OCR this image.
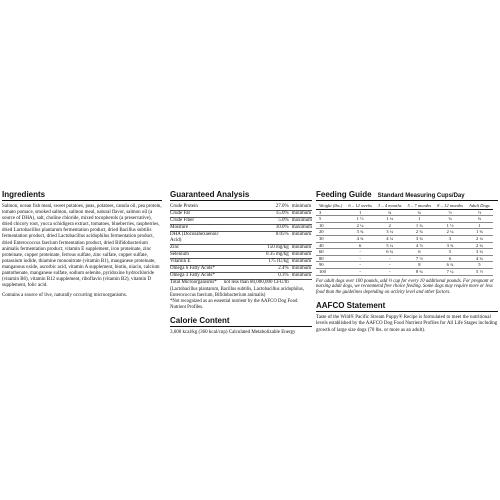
Ingredients

Salmon, ocean fish meal, sweet potatoes, peas, potatoes, canola oil, pea protein, tomato pomace, smoked salmon, salmon meal, natural flavor, salmon oil (a source of DHA), salt, choline chloride, mixed tocopherols (a preservative), dried chicory root, yucca schidigera extract, tomatoes, blueberries, raspberries, dried Lactobacillus plantarum fermentation product, dried Bacillus subtilis fermentation product, dried Lactobacillus acidophilus fermentation product, dried Enterococcus faecium fermentation product, dried Bifidobacterium animalis fermentation product, vitamin E supplement, iron proteinate, zinc proteinate, copper proteinate, ferrous sulfate, zinc sulfate, copper sulfate, potassium iodide, thiamine mononitrate (vitamin B1), manganese proteinate, manganous oxide, ascorbic acid, vitamin A supplement, biotin, niacin, calcium pantothenate, manganese sulfate, sodium selenite, pyridoxine hydrochloride (vitamin B6), vitamin B12 supplement, riboflavin (vitamin B2), vitamin D supplement, folic acid.

Contains a source of live, naturally occurring microorganisms.

Guaranteed Analysis
Crude Protein	27.0%	minimum
Crude Fat	15.0%	minimum
Crude Fiber	5.0%	maximum
Moisture	10.0%	maximum
DHA (Docosahexaenoic Acid)	0.05%	minimum
Zinc	150 mg/kg	minimum
Selenium	0.35 mg/kg	minimum
Vitamin E	175 IU/kg	minimum
Omega 6 Fatty Acids*	2.4%	minimum
Omega 3 Fatty Acids*	0.3%	minimum
Total Microorganisms*	not less than 80,000,000 CFU/lb	

(Lactobacillus plantarum, Bacillus subtilis, Lactobacillus acidophilus, Enterococcus faecium, Bifidobacterium animalis)

*Not recognized as an essential nutrient by the AAFCO Dog Food Nutrient Profiles.

Calorie Content
3,600 kcal/kg (360 kcal/cup) Calculated Metabolizable Energy
Feeding Guide Standard Measuring Cups/Day
Weight (lbs.)	6 – 12 weeks	3 – 4 months	5 – 7 months	8 – 12 months	Adult Dogs
3	1	¾	¾	½	½
5	1 ⅓	1 ¼	1	¾	¾
10	2 ¼	2	1 ¾	1 ½	1
20	3 ¾	3 ¼	2 ¾	2 ¼	1 ¾
30	4 ¾	4 ¼	3 ¾	3	2 ¼
40	6	5 ¼	4 ½	3 ¾	2 ¾
60	-	6 ¾	6	5	3 ¾
80	-	-	7 ½	6	4 ¾
90	-	-	8	6 ¾	5
100	-	-	8 ¾	7 ¼	5 ½

For adult dogs over 100 pounds, add ⅓ cup for every 10 additional pounds. For pregnant or nursing adult dogs, we recommend free choice feeding. Some dogs may require more or less food than the guidelines depending on activity level and other factors.

AAFCO Statement

Taste of the Wild® Pacific Stream Puppy® Recipe is formulated to meet the nutritional levels established by the AAFCO Dog Food Nutrient Profiles for All Life Stages including growth of large size dogs (70 lbs. or more as an adult).
